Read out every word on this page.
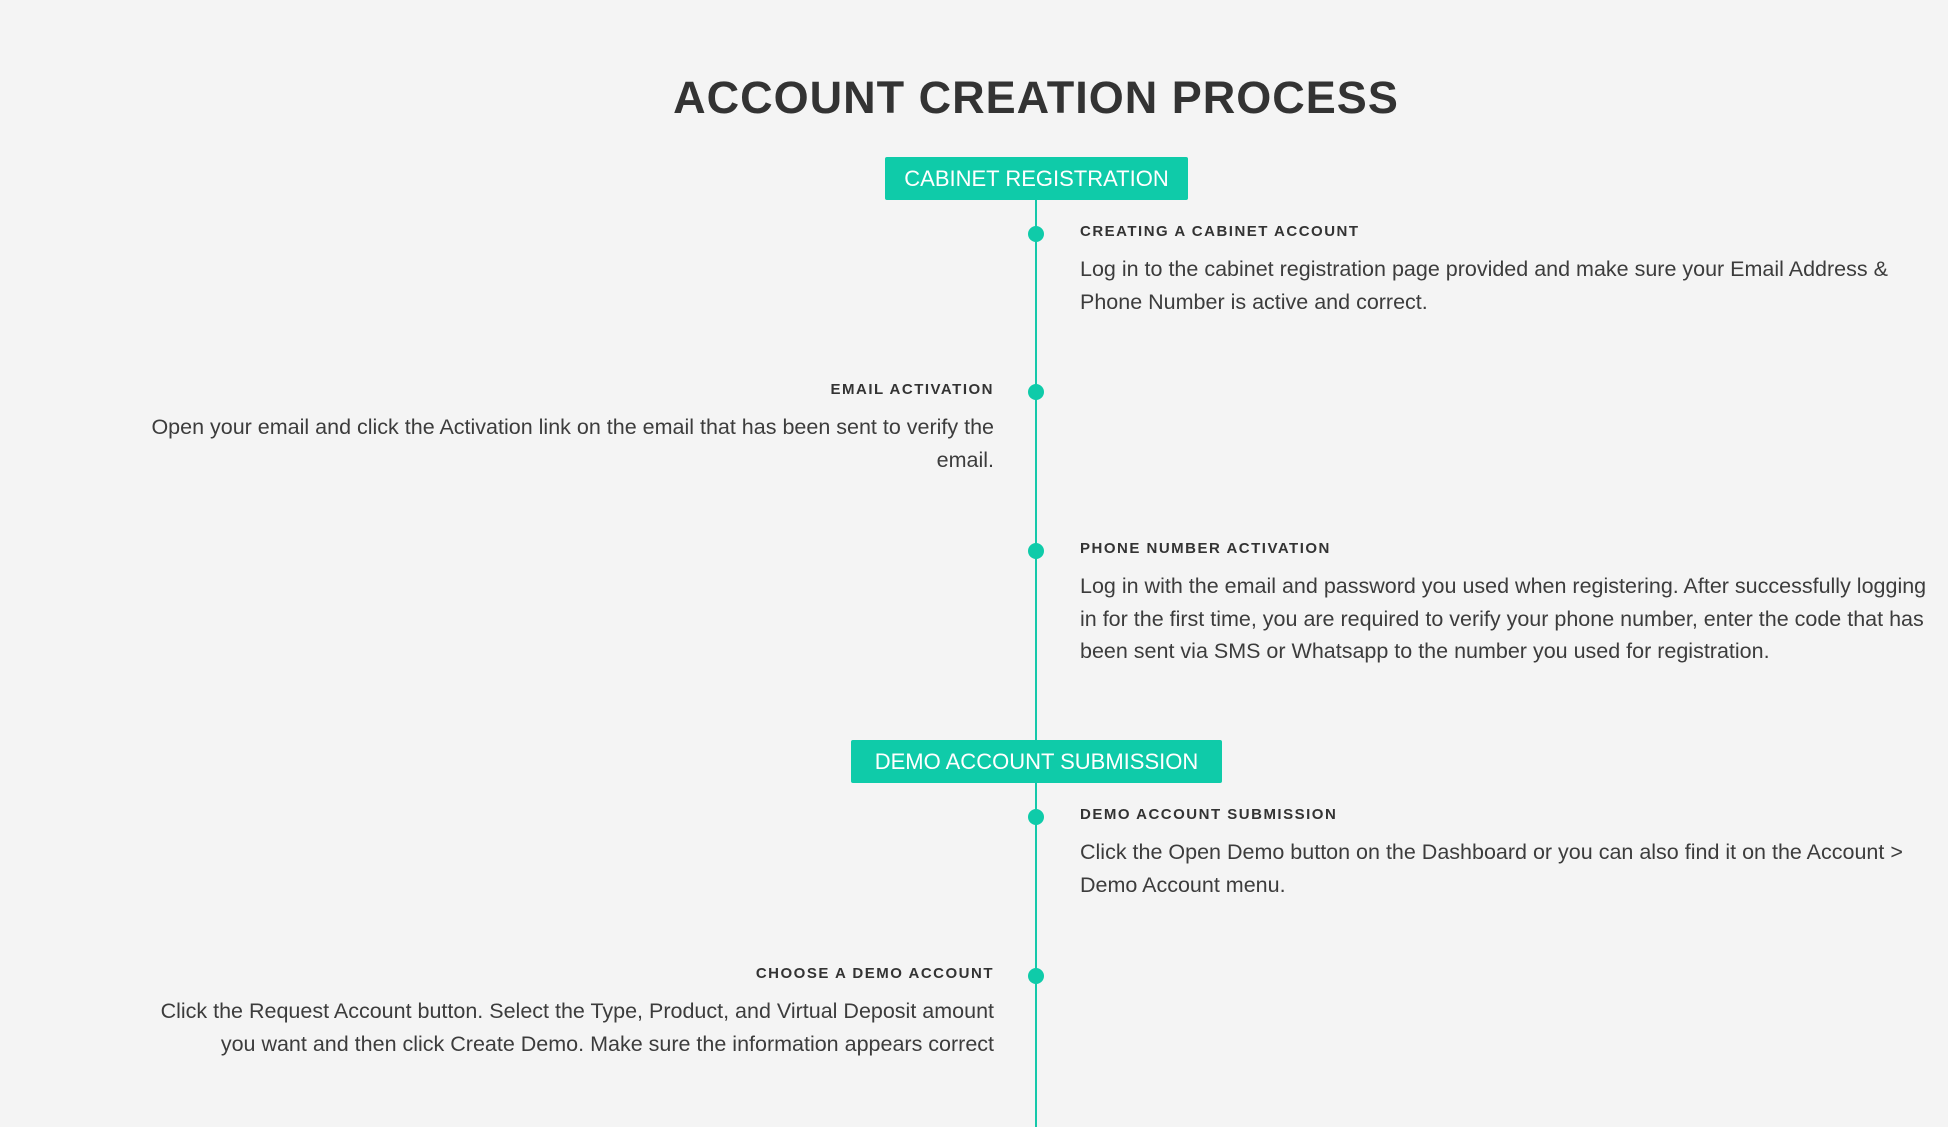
ACCOUNT CREATION PROCESS
CABINET REGISTRATION
CREATING A CABINET ACCOUNT

Log in to the cabinet registration page provided and make sure your Email Address & Phone Number is active and correct.

EMAIL ACTIVATION

Open your email and click the Activation link on the email that has been sent to verify the email.

PHONE NUMBER ACTIVATION

Log in with the email and password you used when registering. After successfully logging in for the first time, you are required to verify your phone number, enter the code that has been sent via SMS or Whatsapp to the number you used for registration.

DEMO ACCOUNT SUBMISSION
DEMO ACCOUNT SUBMISSION

Click the Open Demo button on the Dashboard or you can also find it on the Account > Demo Account menu.

CHOOSE A DEMO ACCOUNT

Click the Request Account button. Select the Type, Product, and Virtual Deposit amount you want and then click Create Demo. Make sure the information appears correct
